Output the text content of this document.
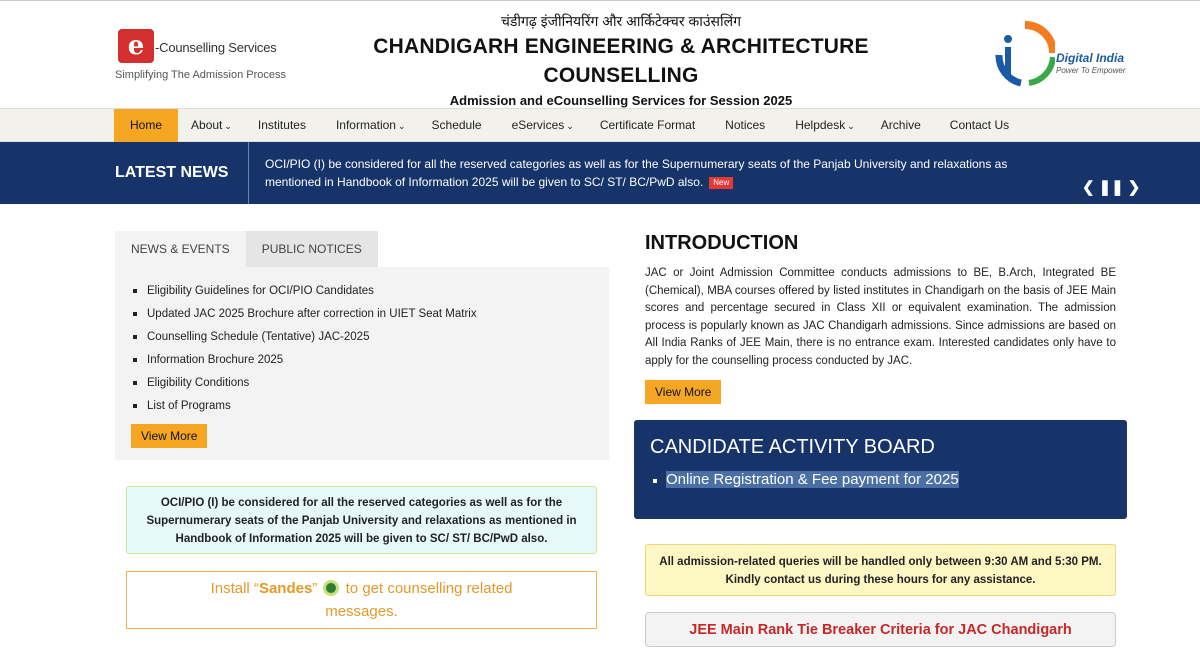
e -Counselling Services
Simplifying The Admission Process
चंडीगढ़ इंजीनियरिंग और आर्किटेक्चर काउंसलिंग
CHANDIGARH ENGINEERING & ARCHITECTURE
COUNSELLING
Admission and eCounselling Services for Session 2025
Digital India
Power To Empower
Home	About ⌄	Institutes	Information ⌄	Schedule	eServices ⌄	Certificate Format	Notices	Helpdesk ⌄	Archive	Contact Us
LATEST NEWS	OCI/PIO (I) be considered for all the reserved categories as well as for the Supernumerary seats of the Panjab University and relaxations as mentioned in Handbook of Information 2025 will be given to SC/ ST/ BC/PwD also. New	❮ ❚❚ ❯
NEWS & EVENTS	PUBLIC NOTICES
Eligibility Guidelines for OCI/PIO Candidates
Updated JAC 2025 Brochure after correction in UIET Seat Matrix
Counselling Schedule (Tentative) JAC-2025
Information Brochure 2025
Eligibility Conditions
List of Programs
View More
OCI/PIO (I) be considered for all the reserved categories as well as for the
Supernumerary seats of the Panjab University and relaxations as mentioned in
Handbook of Information 2025 will be given to SC/ ST/ BC/PwD also.
Install “Sandes”  to get counselling related
messages.
INTRODUCTION
JAC or Joint Admission Committee conducts admissions to BE, B.Arch, Integrated BE (Chemical), MBA courses offered by listed institutes in Chandigarh on the basis of JEE Main scores and percentage secured in Class XII or equivalent examination. The admission process is popularly known as JAC Chandigarh admissions. Since admissions are based on All India Ranks of JEE Main, there is no entrance exam. Interested candidates only have to apply for the counselling process conducted by JAC.
View More
CANDIDATE ACTIVITY BOARD
Online Registration & Fee payment for 2025
All admission-related queries will be handled only between 9:30 AM and 5:30 PM.
Kindly contact us during these hours for any assistance.
JEE Main Rank Tie Breaker Criteria for JAC Chandigarh
